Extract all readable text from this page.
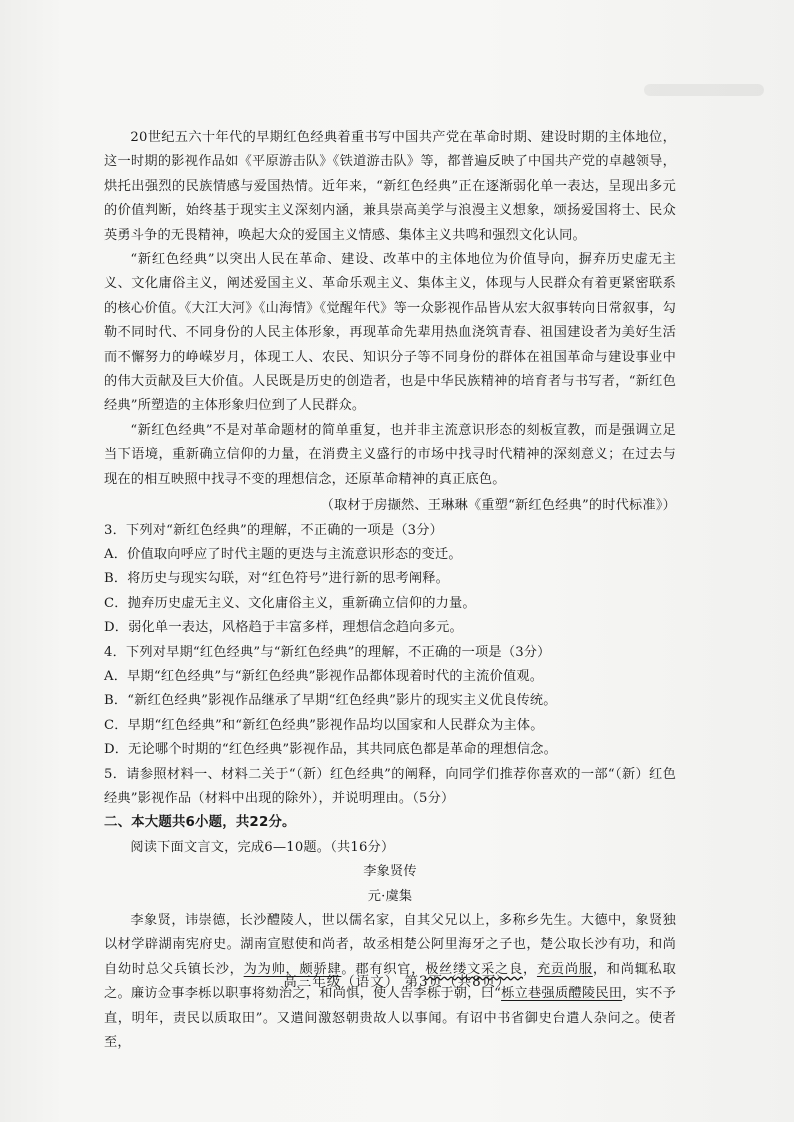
20世纪五六十年代的早期红色经典着重书写中国共产党在革命时期、建设时期的主体地位，这一时期的影视作品如《平原游击队》《铁道游击队》等，都普遍反映了中国共产党的卓越领导，烘托出强烈的民族情感与爱国热情。近年来，“新红色经典”正在逐渐弱化单一表达，呈现出多元的价值判断，始终基于现实主义深刻内涵，兼具崇高美学与浪漫主义想象，颂扬爱国将士、民众英勇斗争的无畏精神，唤起大众的爱国主义情感、集体主义共鸣和强烈文化认同。

“新红色经典”以突出人民在革命、建设、改革中的主体地位为价值导向，摒弃历史虚无主义、文化庸俗主义，阐述爱国主义、革命乐观主义、集体主义，体现与人民群众有着更紧密联系的核心价值。《大江大河》《山海情》《觉醒年代》等一众影视作品皆从宏大叙事转向日常叙事，勾勒不同时代、不同身份的人民主体形象，再现革命先辈用热血浇筑青春、祖国建设者为美好生活而不懈努力的峥嵘岁月，体现工人、农民、知识分子等不同身份的群体在祖国革命与建设事业中的伟大贡献及巨大价值。人民既是历史的创造者，也是中华民族精神的培育者与书写者，“新红色经典”所塑造的主体形象归位到了人民群众。

“新红色经典”不是对革命题材的简单重复，也并非主流意识形态的刻板宣教，而是强调立足当下语境，重新确立信仰的力量，在消费主义盛行的市场中找寻时代精神的深刻意义；在过去与现在的相互映照中找寻不变的理想信念，还原革命精神的真正底色。

（取材于房撷然、王琳琳《重塑“新红色经典”的时代标准》）

3．下列对“新红色经典”的理解，不正确的一项是（3分）

A．价值取向呼应了时代主题的更迭与主流意识形态的变迁。

B．将历史与现实勾联，对“红色符号”进行新的思考阐释。

C．抛弃历史虚无主义、文化庸俗主义，重新确立信仰的力量。

D．弱化单一表达，风格趋于丰富多样，理想信念趋向多元。

4．下列对早期“红色经典”与“新红色经典”的理解，不正确的一项是（3分）

A．早期“红色经典”与“新红色经典”影视作品都体现着时代的主流价值观。

B．“新红色经典”影视作品继承了早期“红色经典”影片的现实主义优良传统。

C．早期“红色经典”和“新红色经典”影视作品均以国家和人民群众为主体。

D．无论哪个时期的“红色经典”影视作品，其共同底色都是革命的理想信念。

5．请参照材料一、材料二关于“（新）红色经典”的阐释，向同学们推荐你喜欢的一部“（新）红色经典”影视作品（材料中出现的除外），并说明理由。（5分）

二、本大题共6小题，共22分。

阅读下面文言文，完成6—10题。（共16分）

李象贤传

元·虞集

李象贤，讳崇德，长沙醴陵人，世以儒名家，自其父兄以上，多称乡先生。大德中，象贤独以材学辟湖南宪府史。湖南宣慰使和尚者，故丞相楚公阿里海牙之子也，楚公取长沙有功，和尚自幼时总父兵镇长沙，为为帅，颇骄肆。郡有织官，极丝缕文采之良，充贡尚服，和尚辄私取之。廉访佥事李栎以职事将劾治之，和尚惧，使人告李栎于朝，曰“栎立巷强质醴陵民田，实不予直，明年，责民以质取田”。又遣间激怒朝贵故人以事闻。有诏中书省御史台遣人杂问之。使者至，

高三年级（语文） 第3页（共8页）
